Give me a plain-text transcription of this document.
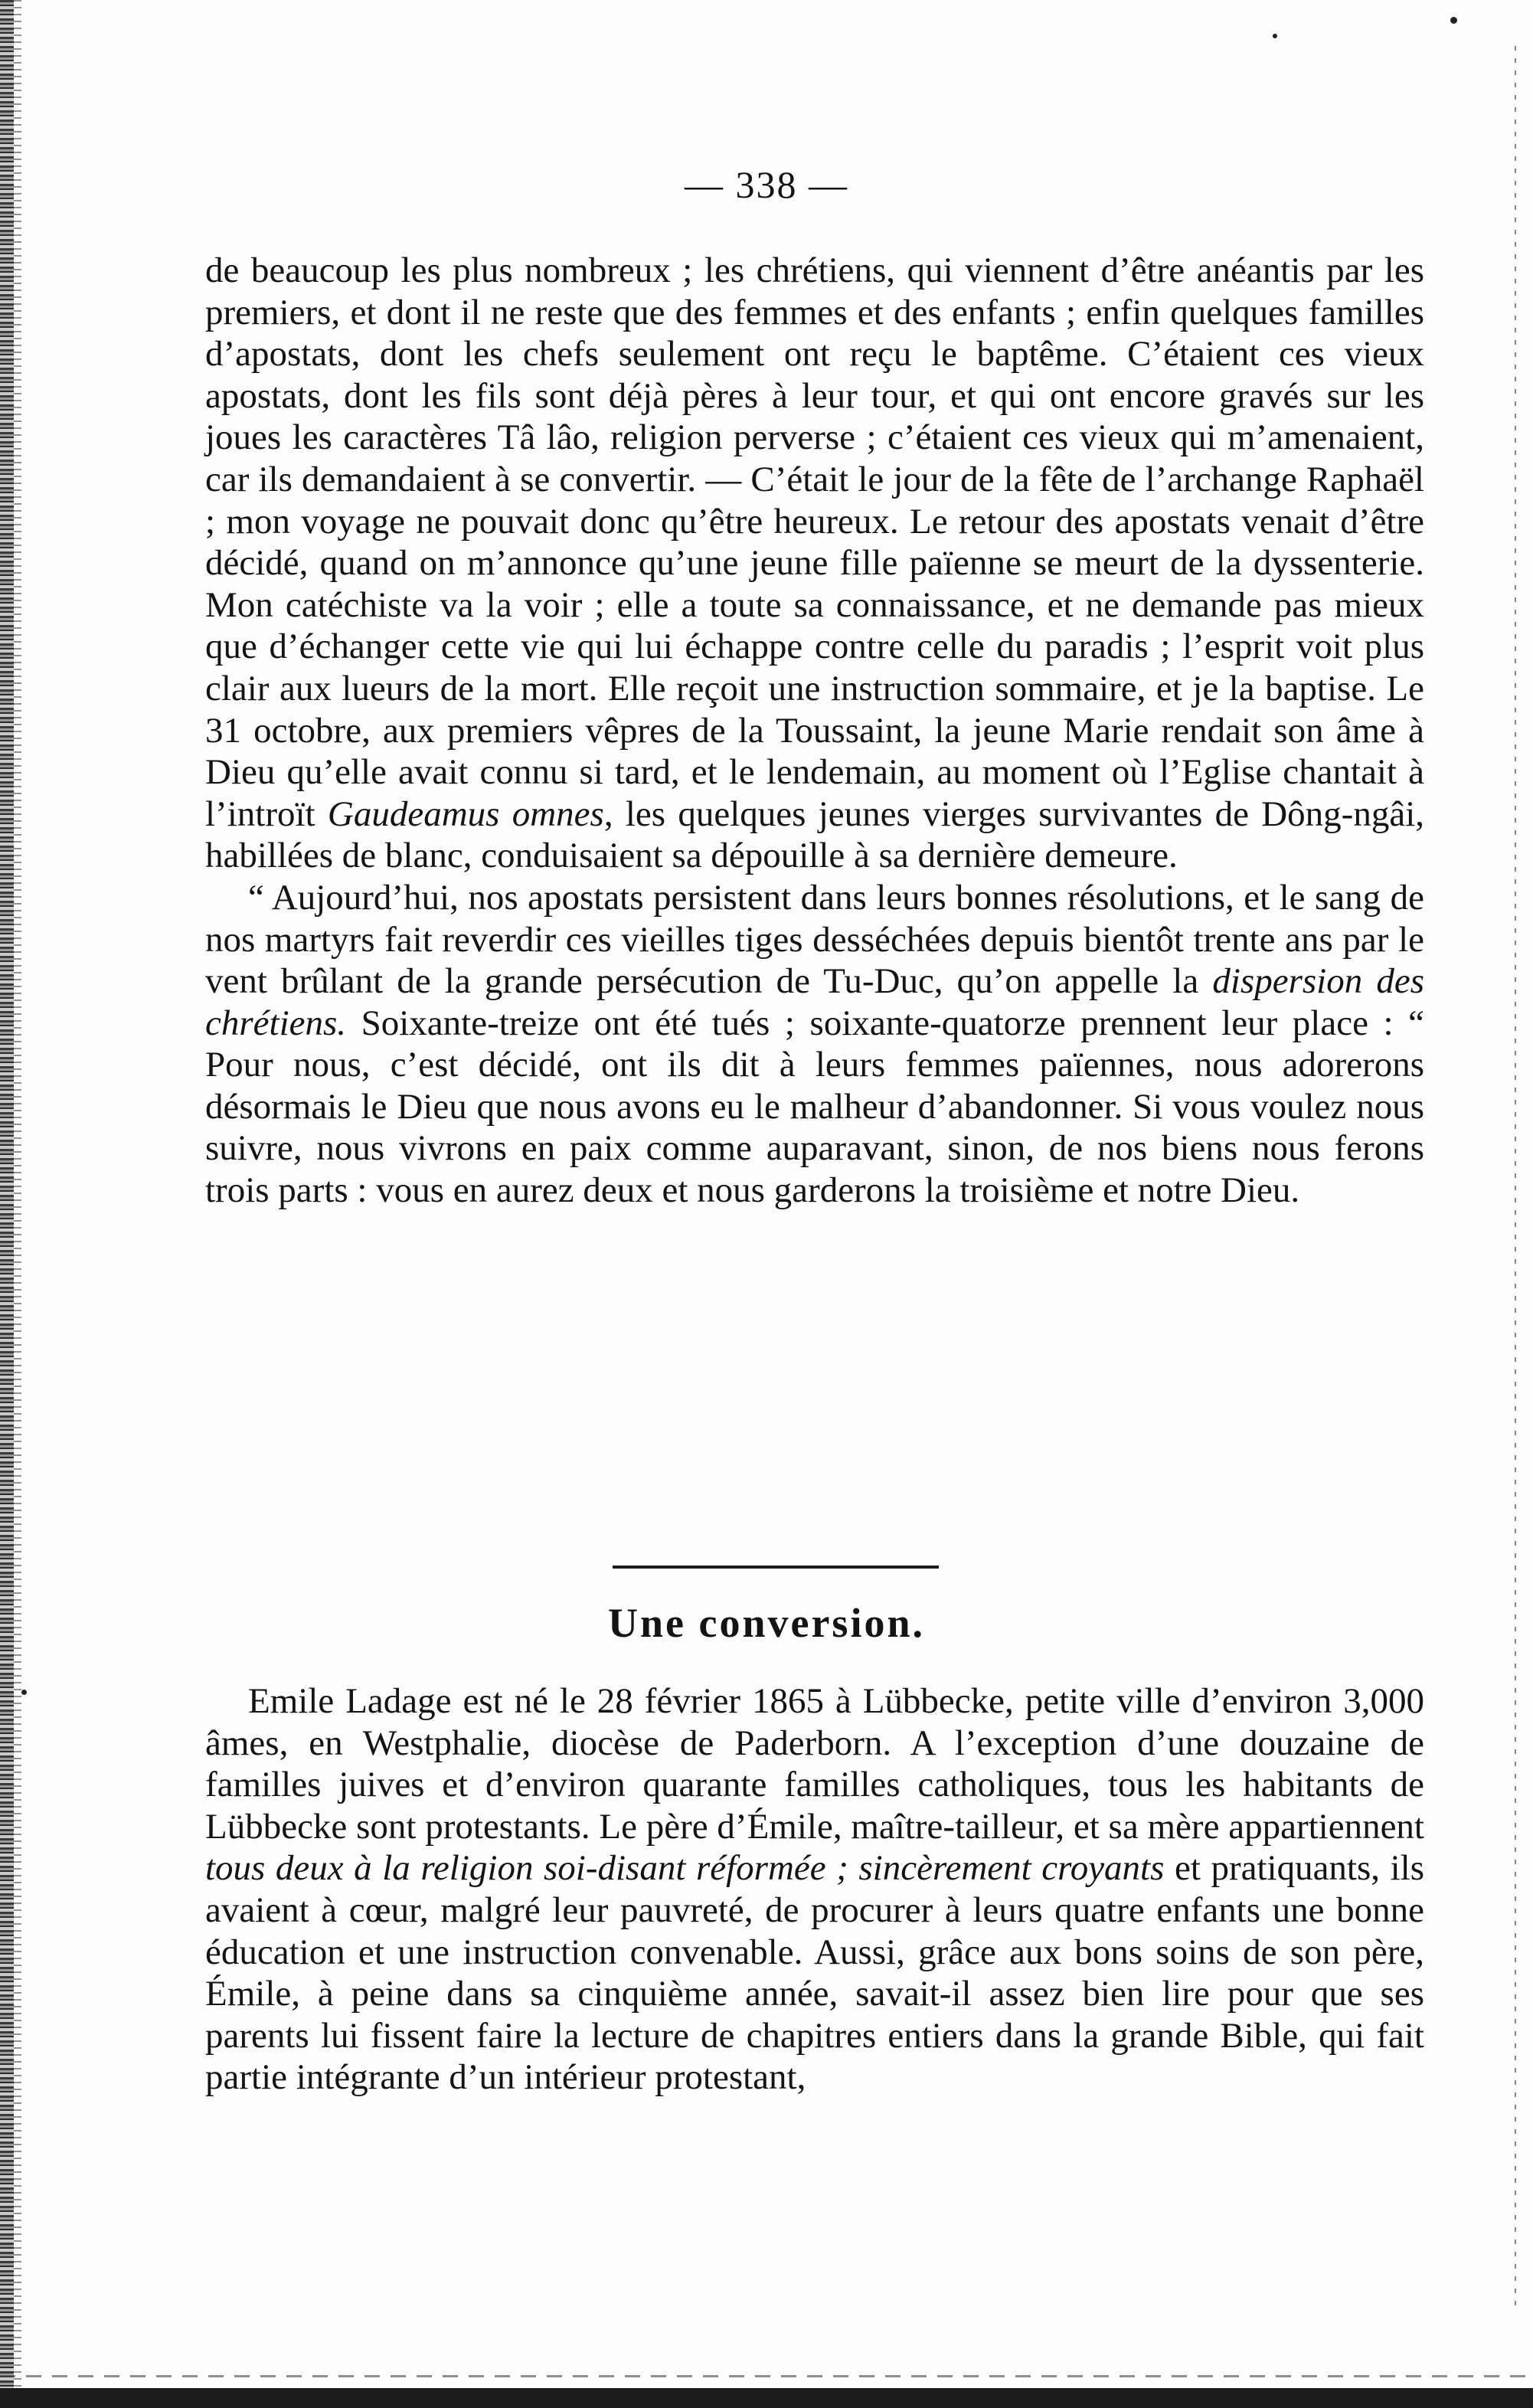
— 338 —

de beaucoup les plus nombreux ; les chrétiens, qui viennent d’être anéantis par les premiers, et dont il ne reste que des femmes et des enfants ; enfin quelques familles d’apostats, dont les chefs seulement ont reçu le baptême. C’étaient ces vieux apostats, dont les fils sont déjà pères à leur tour, et qui ont encore gravés sur les joues les caractères Tâ lâo, religion perverse ; c’étaient ces vieux qui m’amenaient, car ils demandaient à se convertir. — C’était le jour de la fête de l’archange Raphaël ; mon voyage ne pouvait donc qu’être heureux. Le retour des apostats venait d’être décidé, quand on m’annonce qu’une jeune fille païenne se meurt de la dyssenterie. Mon catéchiste va la voir ; elle a toute sa connaissance, et ne demande pas mieux que d’échanger cette vie qui lui échappe contre celle du paradis ; l’esprit voit plus clair aux lueurs de la mort. Elle reçoit une instruction sommaire, et je la baptise. Le 31 octobre, aux premiers vêpres de la Toussaint, la jeune Marie rendait son âme à Dieu qu’elle avait connu si tard, et le lendemain, au moment où l’Eglise chantait à l’introït Gaudeamus omnes, les quelques jeunes vierges survivantes de Dông-ngâi, habillées de blanc, conduisaient sa dépouille à sa dernière demeure.

“ Aujourd’hui, nos apostats persistent dans leurs bonnes résolutions, et le sang de nos martyrs fait reverdir ces vieilles tiges desséchées depuis bientôt trente ans par le vent brûlant de la grande persécution de Tu-Duc, qu’on appelle la dispersion des chrétiens. Soixante-treize ont été tués ; soixante-quatorze prennent leur place : “ Pour nous, c’est décidé, ont ils dit à leurs femmes païennes, nous adorerons désormais le Dieu que nous avons eu le malheur d’abandonner. Si vous voulez nous suivre, nous vivrons en paix comme auparavant, sinon, de nos biens nous ferons trois parts : vous en aurez deux et nous garderons la troisième et notre Dieu.

Une conversion.

Emile Ladage est né le 28 février 1865 à Lübbecke, petite ville d’environ 3,000 âmes, en Westphalie, diocèse de Paderborn. A l’exception d’une douzaine de familles juives et d’environ quarante familles catholiques, tous les habitants de Lübbecke sont protestants. Le père d’Émile, maître-tailleur, et sa mère appartiennent tous deux à la religion soi-disant réformée ; sincèrement croyants et pratiquants, ils avaient à cœur, malgré leur pauvreté, de procurer à leurs quatre enfants une bonne éducation et une instruction convenable. Aussi, grâce aux bons soins de son père, Émile, à peine dans sa cinquième année, savait-il assez bien lire pour que ses parents lui fissent faire la lecture de chapitres entiers dans la grande Bible, qui fait partie intégrante d’un intérieur protestant,
